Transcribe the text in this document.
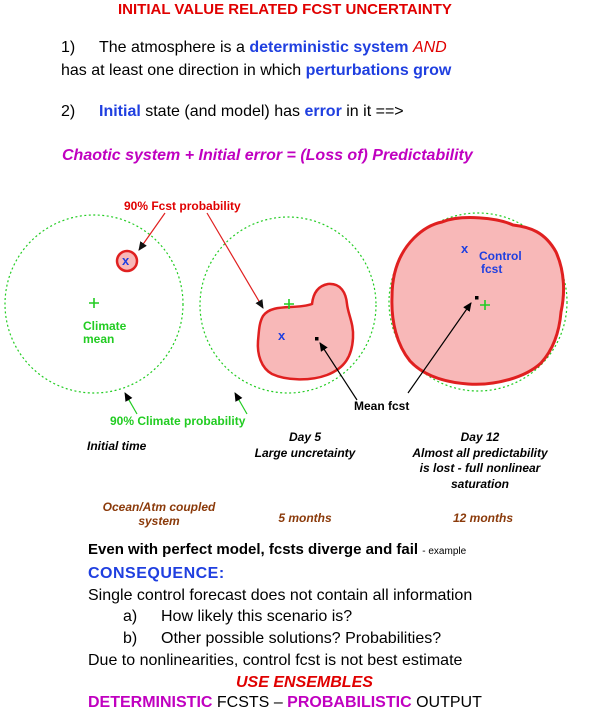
INITIAL VALUE RELATED FCST UNCERTAINTY
1) The atmosphere is a deterministic system AND
has at least one direction in which perturbations grow
2) Initial state (and model) has error in it ==>
Chaotic system + Initial error = (Loss of) Predictability
90% Fcst probability
x
x
x
Climate
mean
Control
fcst
Mean fcst
90% Climate probability
Initial time
Day 5
Large uncretainty
Day 12
Almost all predictability
is lost - full nonlinear
saturation
Ocean/Atm coupled
system	5 months	12 months
Even with perfect model, fcsts diverge and fail - example
CONSEQUENCE:
Single control forecast does not contain all information
a) How likely this scenario is?
b) Other possible solutions? Probabilities?
Due to nonlinearities, control fcst is not best estimate
USE ENSEMBLES
DETERMINISTIC FCSTS – PROBABILISTIC OUTPUT
